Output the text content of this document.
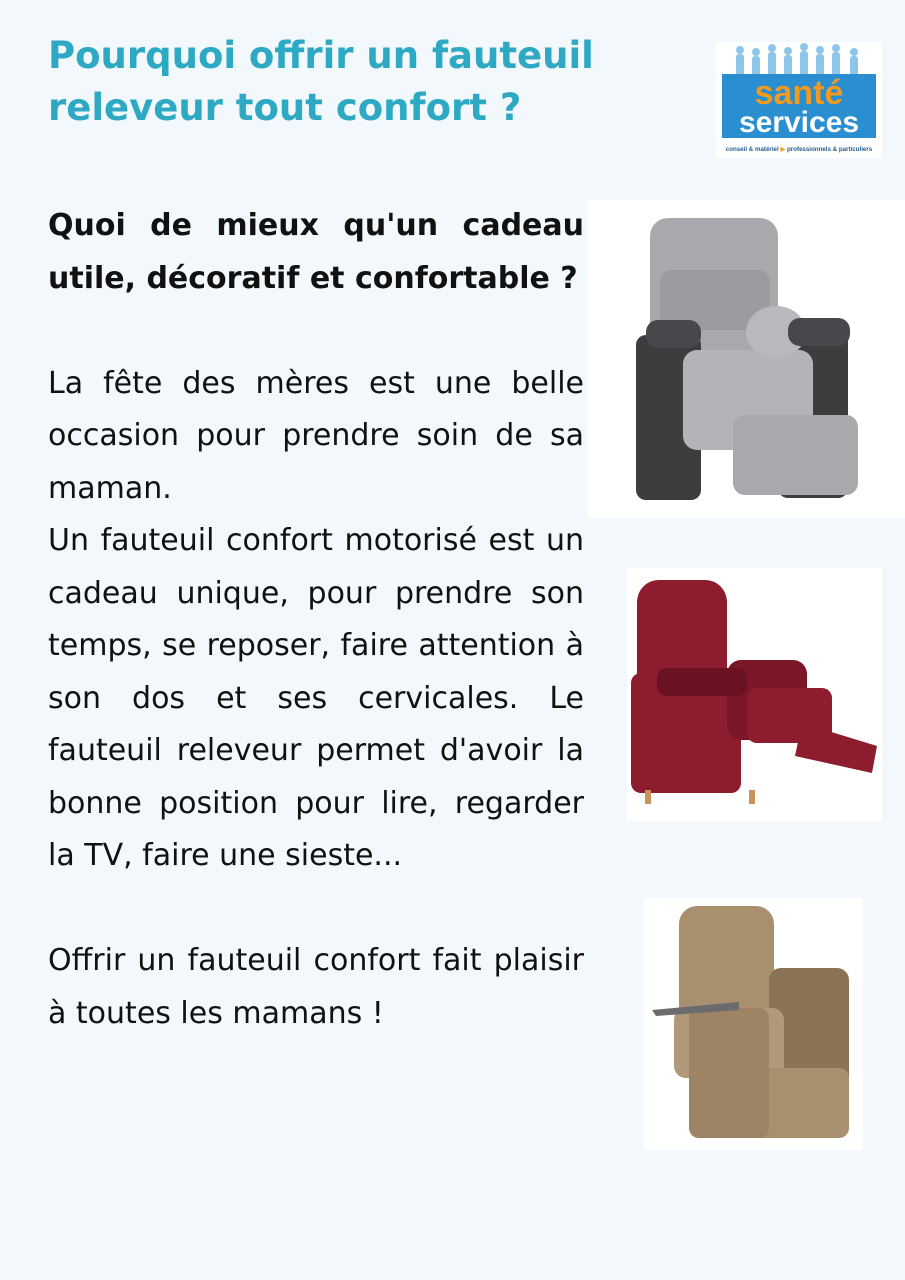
Pourquoi offrir un fauteuil releveur tout confort ?	santé
services
conseil & matériel ▶ professionnels & particuliers

Quoi de mieux qu'un cadeau utile, décoratif et confortable ?

La fête des mères est une belle occasion pour prendre soin de sa maman.

Un fauteuil confort motorisé est un cadeau unique, pour prendre son temps, se reposer, faire attention à son dos et ses cervicales. Le fauteuil releveur permet d'avoir la bonne position pour lire, regarder la TV, faire une sieste...

Offrir un fauteuil confort fait plaisir à toutes les mamans !
